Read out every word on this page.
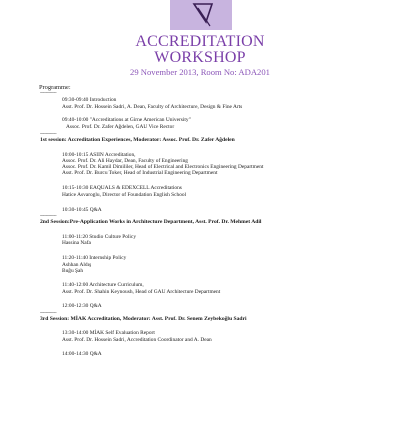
ACCREDITATION
WORKSHOP
29 November 2013, Room No: ADA201
Programme:
------------
09:30-09:40 Introduction
Asst. Prof. Dr. Hossein Sadri, A. Dean, Faculty of Architecture, Design & Fine Arts
09:40-10:00 "Accreditations at Girne American University"
Assoc. Prof. Dr. Zafer Ağdelen, GAU Vice Rector
------------
1st session: Accreditation Experiences, Moderator: Assoc. Prof. Dr. Zafer Ağdelen
10:00-10:15 ASIIN Accreditation,
Assoc. Prof. Dr. Ali Haydar, Dean, Faculty of Engineering
Assoc. Prof. Dr. Kamil Dimililer, Head of Electrical and Electronics Engineering Department
Asst. Prof. Dr. Burcu Toker, Head of Industrial Engineering Department
10:15-10:30 EAQUALS & EDEXCELL Accreditations
Hatice Asvaroglu, Director of Foundation English School
10:30-10:45 Q&A
------------
2nd Session:Pre-Application Works in Architecture Department, Asst. Prof. Dr. Mehmet Adil
11:00-11:20 Studio Culture Policy
Hassina Nafa
11:20-11:40 Internship Policy
Ashhan Aldış
Buğu Şah
11:40-12:00 Architecture Curriculum,
Asst. Prof. Dr. Shahin Keynoush, Head of GAU Architecture Department
12:00-12:30 Q&A
------------
3rd Session: MİAK Accreditation, Moderator: Asst. Prof. Dr. Senem Zeybekoğlu Sadri
13:30-14:00 MİAK Self Evaluation Report
Asst. Prof. Dr. Hossein Sadri, Accreditation Coordinator and A. Dean
14:00-14:30 Q&A
